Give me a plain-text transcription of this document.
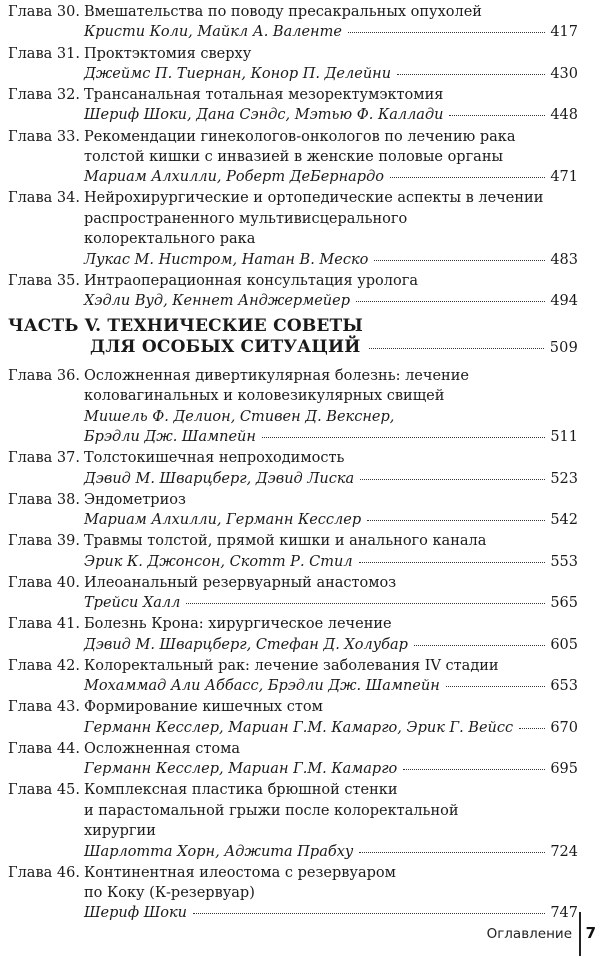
Глава 30. Вмешательства по поводу пресакральных опухолей
Кристи Коли, Майкл А. Валенте	417
Глава 31. Проктэктомия сверху
Джеймс П. Тиернан, Конор П. Делейни	430
Глава 32. Трансанальная тотальная мезоректумэктомия
Шериф Шоки, Дана Сэндс, Мэтью Ф. Каллади	448
Глава 33. Рекомендации гинекологов-онкологов по лечению рака
толстой кишки с инвазией в женские половые органы
Мариам Алхилли, Роберт ДеБернардо	471
Глава 34. Нейрохирургические и ортопедические аспекты в лечении
распространенного мультивисцерального
колоректального рака
Лукас М. Нистром, Натан В. Меско	483
Глава 35. Интраоперационная консультация уролога
Хэдли Вуд, Кеннет Анджермейер	494
ЧАСТЬ V. ТЕХНИЧЕСКИЕ СОВЕТЫ
ДЛЯ ОСОБЫХ СИТУАЦИЙ	509
Глава 36. Осложненная дивертикулярная болезнь: лечение
коловагинальных и коловезикулярных свищей
Мишель Ф. Делион, Стивен Д. Векснер,
Брэдли Дж. Шампейн	511
Глава 37. Толстокишечная непроходимость
Дэвид М. Шварцберг, Дэвид Лиска	523
Глава 38. Эндометриоз
Мариам Алхилли, Германн Кесслер	542
Глава 39. Травмы толстой, прямой кишки и анального канала
Эрик К. Джонсон, Скотт Р. Стил	553
Глава 40. Илеоанальный резервуарный анастомоз
Трейси Халл	565
Глава 41. Болезнь Крона: хирургическое лечение
Дэвид М. Шварцберг, Стефан Д. Холубар	605
Глава 42. Колоректальный рак: лечение заболевания IV стадии
Мохаммад Али Аббасс, Брэдли Дж. Шампейн	653
Глава 43. Формирование кишечных стом
Германн Кесслер, Мариан Г.М. Камарго, Эрик Г. Вейсс	670
Глава 44. Осложненная стома
Германн Кесслер, Мариан Г.М. Камарго	695
Глава 45. Комплексная пластика брюшной стенки
и парастомальной грыжи после колоректальной
хирургии
Шарлотта Хорн, Аджита Прабху	724
Глава 46. Континентная илеостома с резервуаром
по Коку (К-резервуар)
Шериф Шоки	747
Оглавление 7
